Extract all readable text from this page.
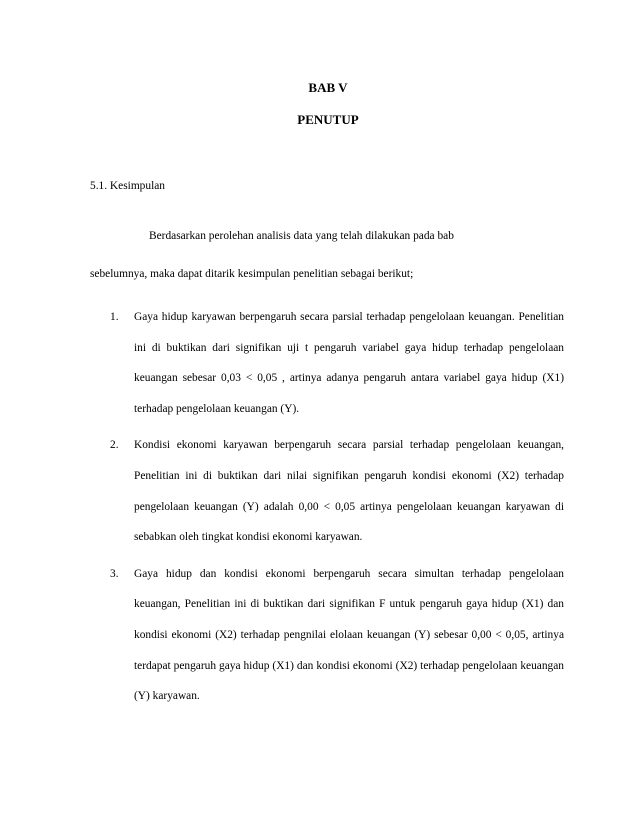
BAB V
PENUTUP
5.1. Kesimpulan
Berdasarkan perolehan analisis data yang telah dilakukan pada bab
sebelumnya, maka dapat ditarik kesimpulan penelitian sebagai berikut;
1. Gaya hidup karyawan berpengaruh secara parsial terhadap pengelolaan keuangan. Penelitian ini di buktikan dari signifikan uji t pengaruh variabel gaya hidup terhadap pengelolaan keuangan sebesar 0,03 < 0,05 , artinya adanya pengaruh antara variabel gaya hidup (X1) terhadap pengelolaan keuangan (Y).
2. Kondisi ekonomi karyawan berpengaruh secara parsial terhadap pengelolaan keuangan, Penelitian ini di buktikan dari nilai signifikan pengaruh kondisi ekonomi (X2) terhadap pengelolaan keuangan (Y) adalah 0,00 < 0,05 artinya pengelolaan keuangan karyawan di sebabkan oleh tingkat kondisi ekonomi karyawan.
3. Gaya hidup dan kondisi ekonomi berpengaruh secara simultan terhadap pengelolaan keuangan, Penelitian ini di buktikan dari signifikan F untuk pengaruh gaya hidup (X1) dan kondisi ekonomi (X2) terhadap pengnilai elolaan keuangan (Y) sebesar 0,00 < 0,05, artinya terdapat pengaruh gaya hidup (X1) dan kondisi ekonomi (X2) terhadap pengelolaan keuangan (Y) karyawan.
